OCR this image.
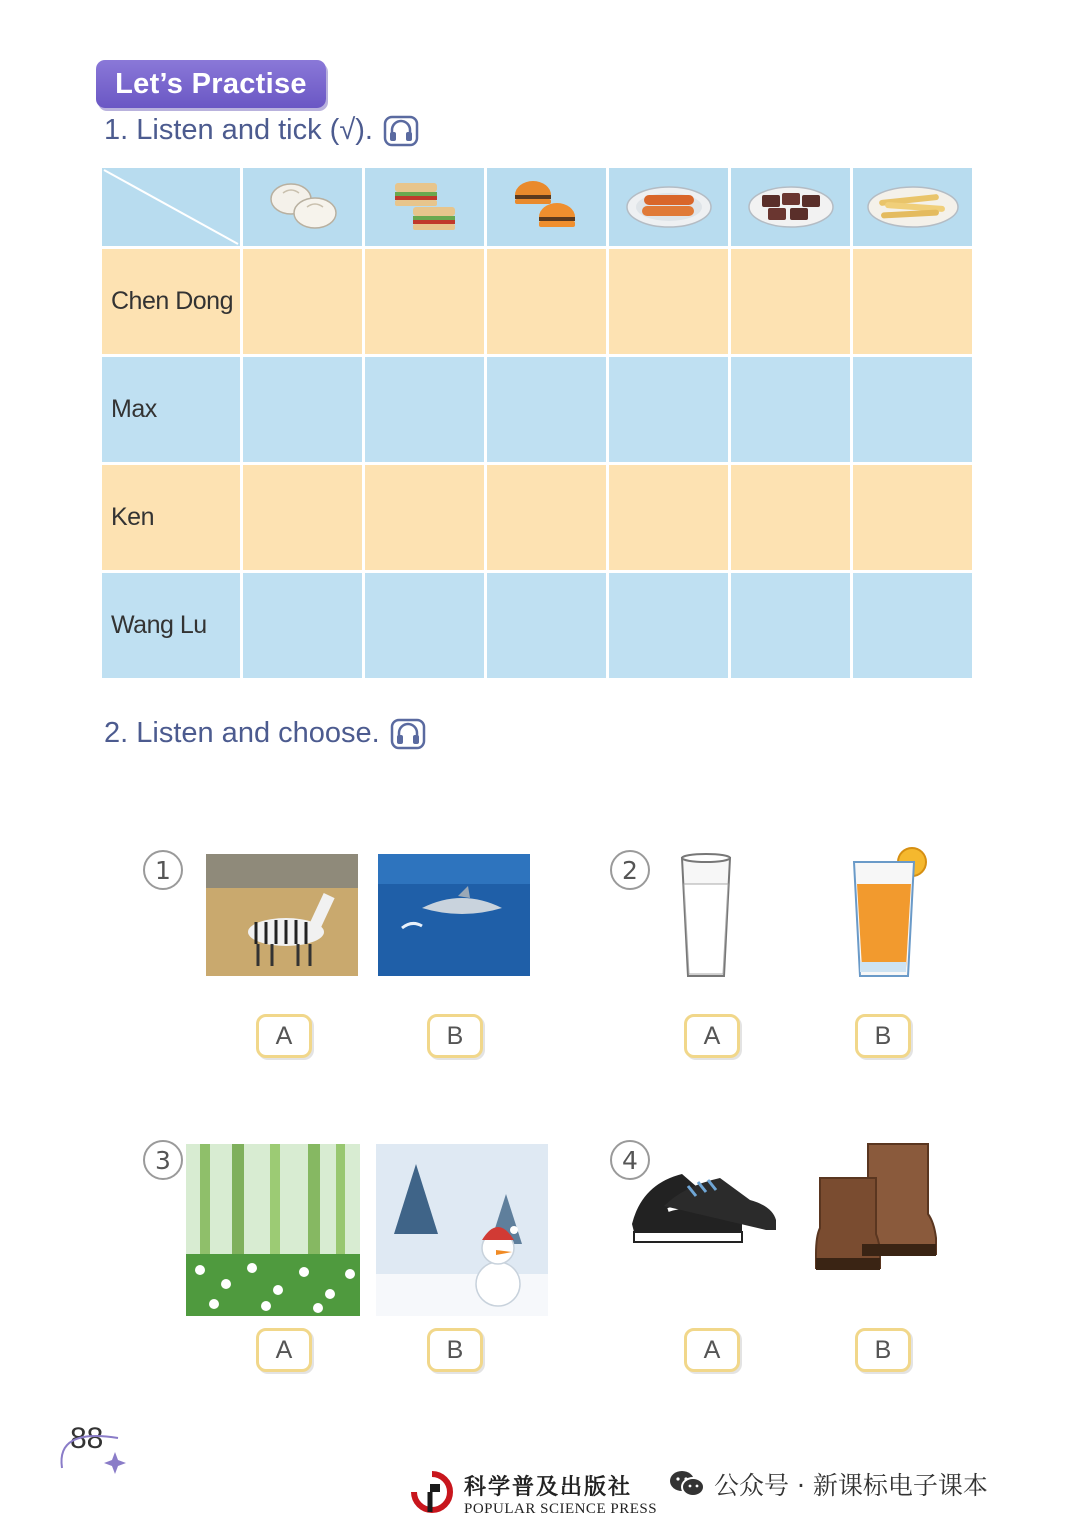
Let’s Practise
1. Listen and tick (√).

Chen Dong						
Max						
Ken						
Wang Lu						
2. Listen and choose.
1
A	B
2
A	B
3
A	B
4
A	B
88
科学普及出版社
POPULAR SCIENCE PRESS
公众号 · 新课标电子课本
